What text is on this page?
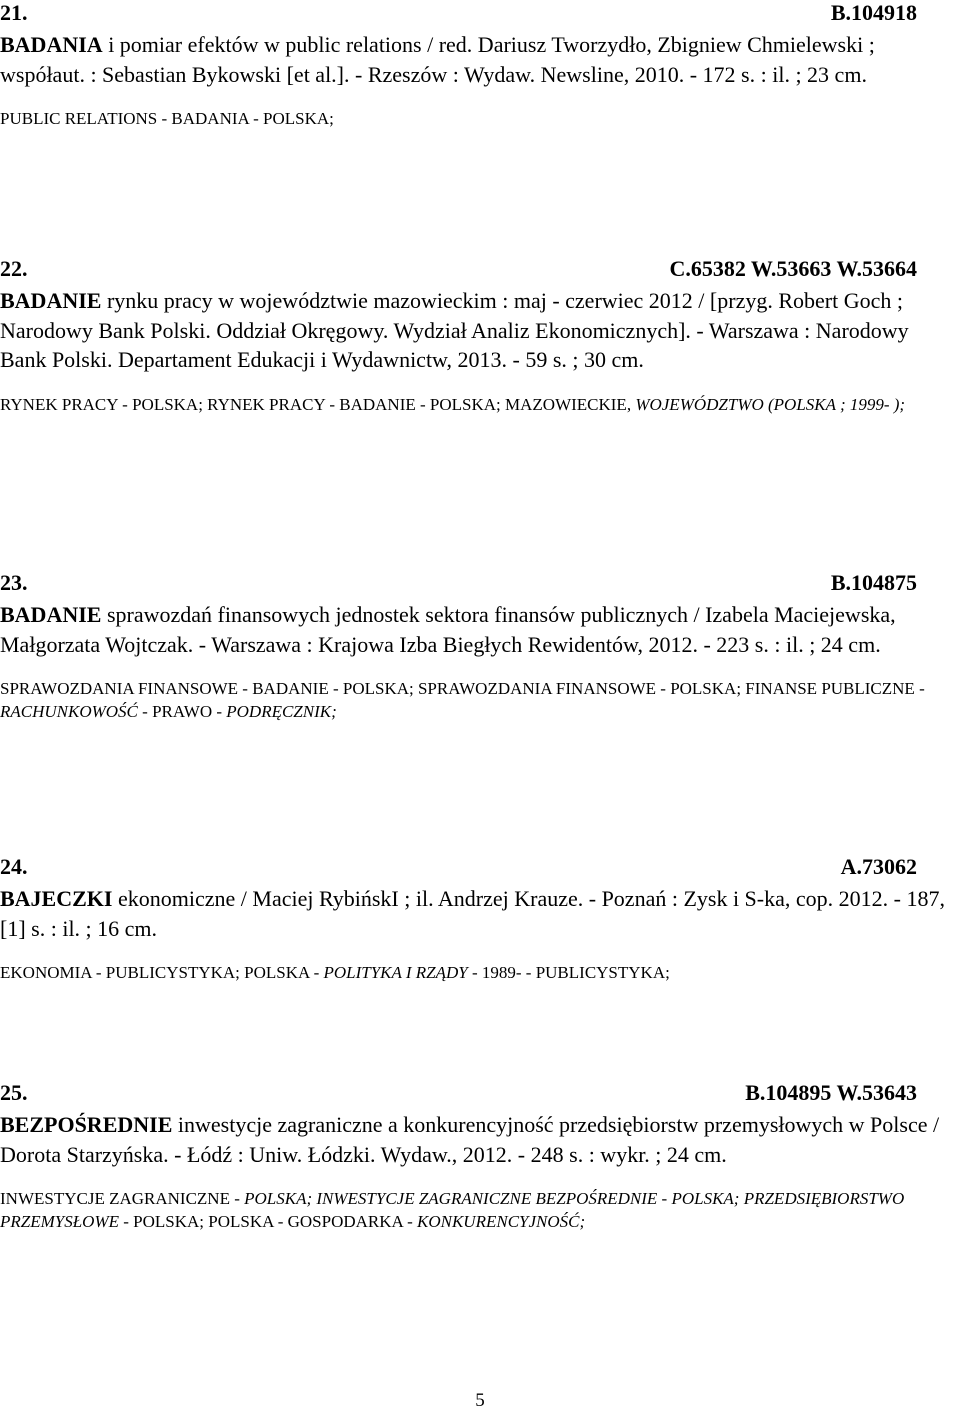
21.	B.104918
BADANIA i pomiar efektów w public relations / red. Dariusz Tworzydło, Zbigniew Chmielewski ; współaut. : Sebastian Bykowski [et al.]. - Rzeszów : Wydaw. Newsline, 2010. - 172 s. : il. ; 23 cm.
PUBLIC RELATIONS - BADANIA - POLSKA;
22.	C.65382 W.53663 W.53664
BADANIE rynku pracy w województwie mazowieckim : maj - czerwiec 2012 / [przyg. Robert Goch ; Narodowy Bank Polski. Oddział Okręgowy. Wydział Analiz Ekonomicznych]. - Warszawa : Narodowy Bank Polski. Departament Edukacji i Wydawnictw, 2013. - 59 s. ; 30 cm.
RYNEK PRACY - POLSKA; RYNEK PRACY - BADANIE - POLSKA; MAZOWIECKIE, WOJEWÓDZTWO (POLSKA ; 1999- );
23.	B.104875
BADANIE sprawozdań finansowych jednostek sektora finansów publicznych / Izabela Maciejewska, Małgorzata Wojtczak. - Warszawa : Krajowa Izba Biegłych Rewidentów, 2012. - 223 s. : il. ; 24 cm.
SPRAWOZDANIA FINANSOWE - BADANIE - POLSKA; SPRAWOZDANIA FINANSOWE - POLSKA; FINANSE PUBLICZNE - RACHUNKOWOŚĆ - PRAWO - PODRĘCZNIK;
24.	A.73062
BAJECZKI ekonomiczne / Maciej RybińskI ; il. Andrzej Krauze. - Poznań : Zysk i S-ka, cop. 2012. - 187, [1] s. : il. ; 16 cm.
EKONOMIA - PUBLICYSTYKA; POLSKA - POLITYKA I RZĄDY - 1989- - PUBLICYSTYKA;
25.	B.104895 W.53643
BEZPOŚREDNIE inwestycje zagraniczne a konkurencyjność przedsiębiorstw przemysłowych w Polsce / Dorota Starzyńska. - Łódź : Uniw. Łódzki. Wydaw., 2012. - 248 s. : wykr. ; 24 cm.
INWESTYCJE ZAGRANICZNE - POLSKA; INWESTYCJE ZAGRANICZNE BEZPOŚREDNIE - POLSKA; PRZEDSIĘBIORSTWO PRZEMYSŁOWE - POLSKA; POLSKA - GOSPODARKA - KONKURENCYJNOŚĆ;
5
